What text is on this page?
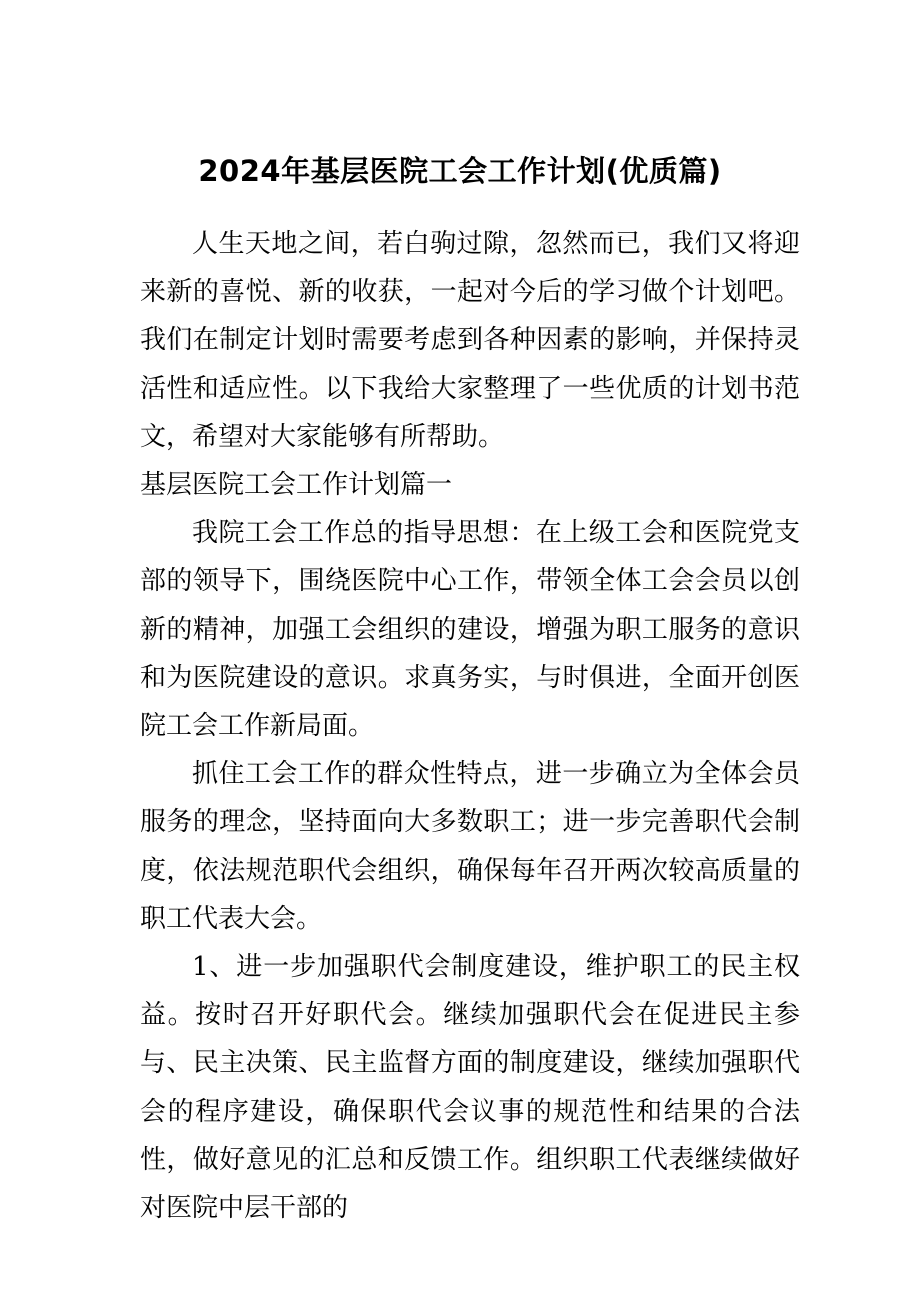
2024年基层医院工会工作计划(优质篇)

人生天地之间，若白驹过隙，忽然而已，我们又将迎来新的喜悦、新的收获，一起对今后的学习做个计划吧。我们在制定计划时需要考虑到各种因素的影响，并保持灵活性和适应性。以下我给大家整理了一些优质的计划书范文，希望对大家能够有所帮助。

基层医院工会工作计划篇一

我院工会工作总的指导思想：在上级工会和医院党支部的领导下，围绕医院中心工作，带领全体工会会员以创新的精神，加强工会组织的建设，增强为职工服务的意识和为医院建设的意识。求真务实，与时俱进，全面开创医院工会工作新局面。

抓住工会工作的群众性特点，进一步确立为全体会员服务的理念，坚持面向大多数职工；进一步完善职代会制度，依法规范职代会组织，确保每年召开两次较高质量的职工代表大会。

1、进一步加强职代会制度建设，维护职工的民主权益。按时召开好职代会。继续加强职代会在促进民主参与、民主决策、民主监督方面的制度建设，继续加强职代会的程序建设，确保职代会议事的规范性和结果的合法性，做好意见的汇总和反馈工作。组织职工代表继续做好对医院中层干部的
